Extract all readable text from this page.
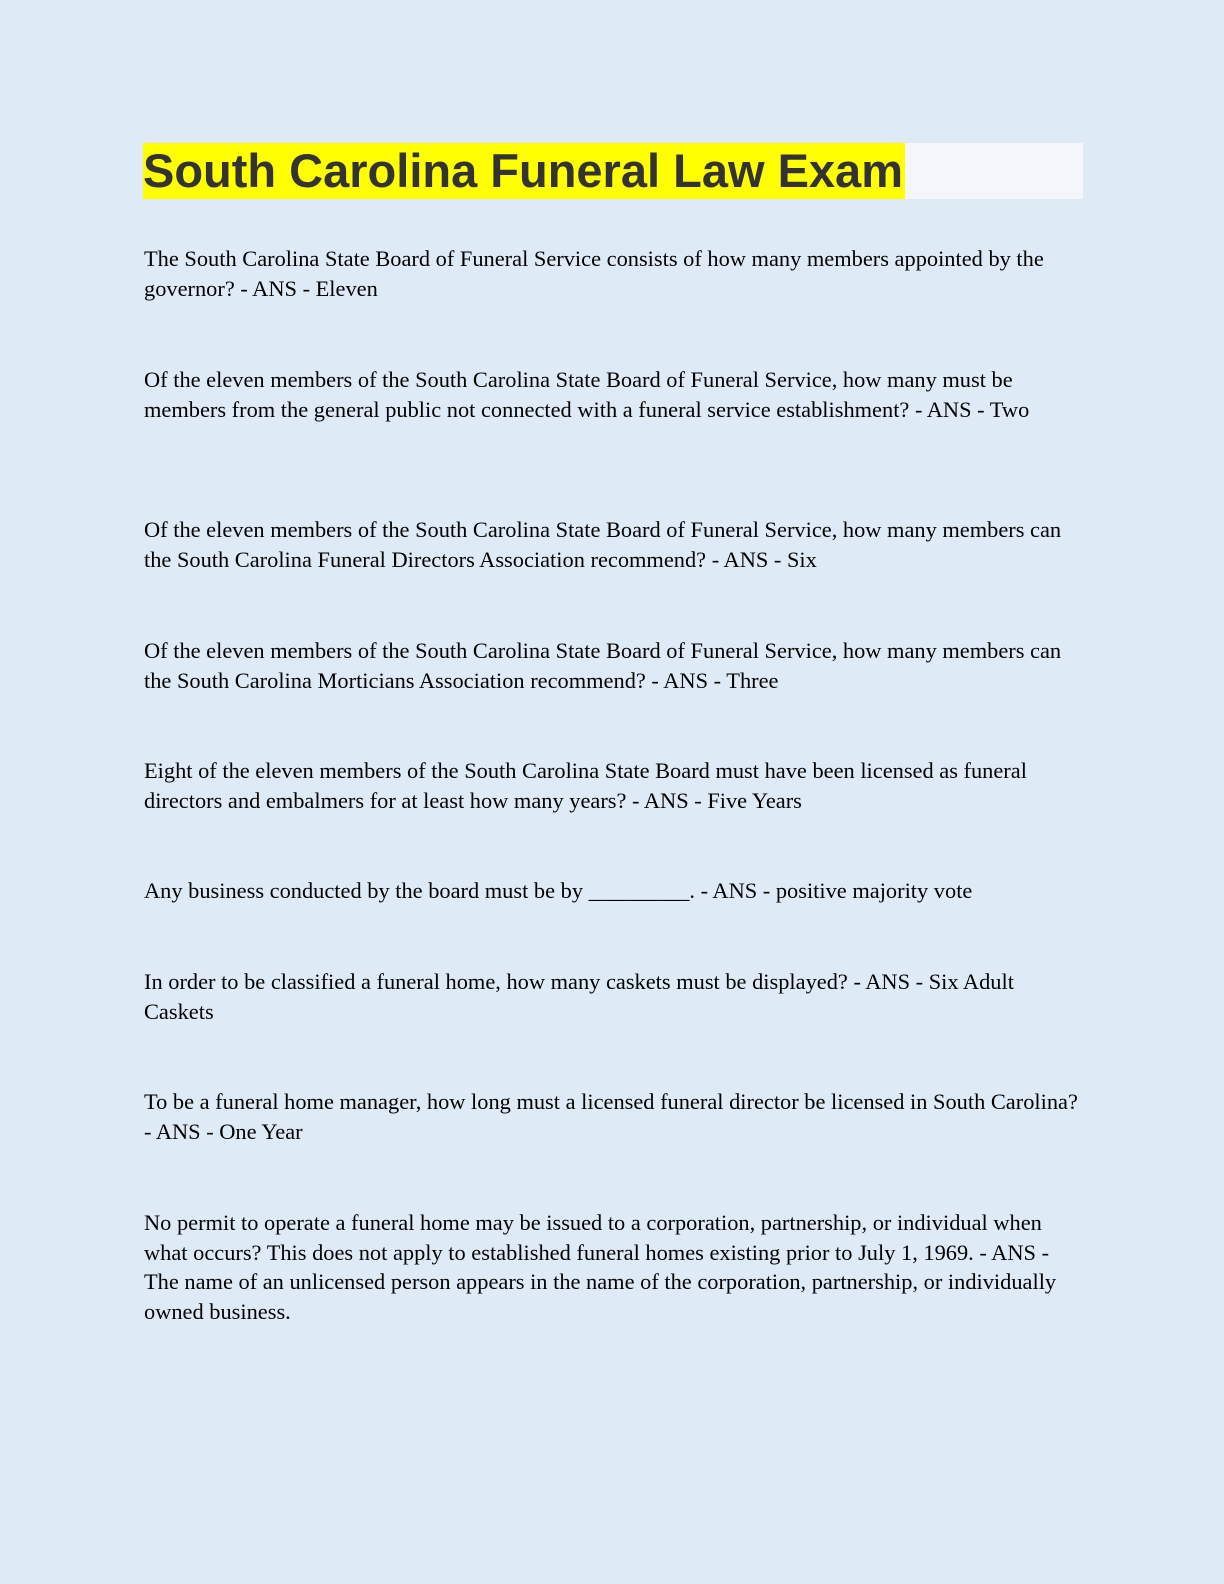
South Carolina Funeral Law Exam

The South Carolina State Board of Funeral Service consists of how many members appointed by the governor? - ANS - Eleven

Of the eleven members of the South Carolina State Board of Funeral Service, how many must be members from the general public not connected with a funeral service establishment? - ANS - Two

Of the eleven members of the South Carolina State Board of Funeral Service, how many members can the South Carolina Funeral Directors Association recommend? - ANS - Six

Of the eleven members of the South Carolina State Board of Funeral Service, how many members can the South Carolina Morticians Association recommend? - ANS - Three

Eight of the eleven members of the South Carolina State Board must have been licensed as funeral directors and embalmers for at least how many years? - ANS - Five Years

Any business conducted by the board must be by _________. - ANS - positive majority vote

In order to be classified a funeral home, how many caskets must be displayed? - ANS - Six Adult Caskets

To be a funeral home manager, how long must a licensed funeral director be licensed in South Carolina? - ANS - One Year

No permit to operate a funeral home may be issued to a corporation, partnership, or individual when what occurs? This does not apply to established funeral homes existing prior to July 1, 1969. - ANS - The name of an unlicensed person appears in the name of the corporation, partnership, or individually owned business.
